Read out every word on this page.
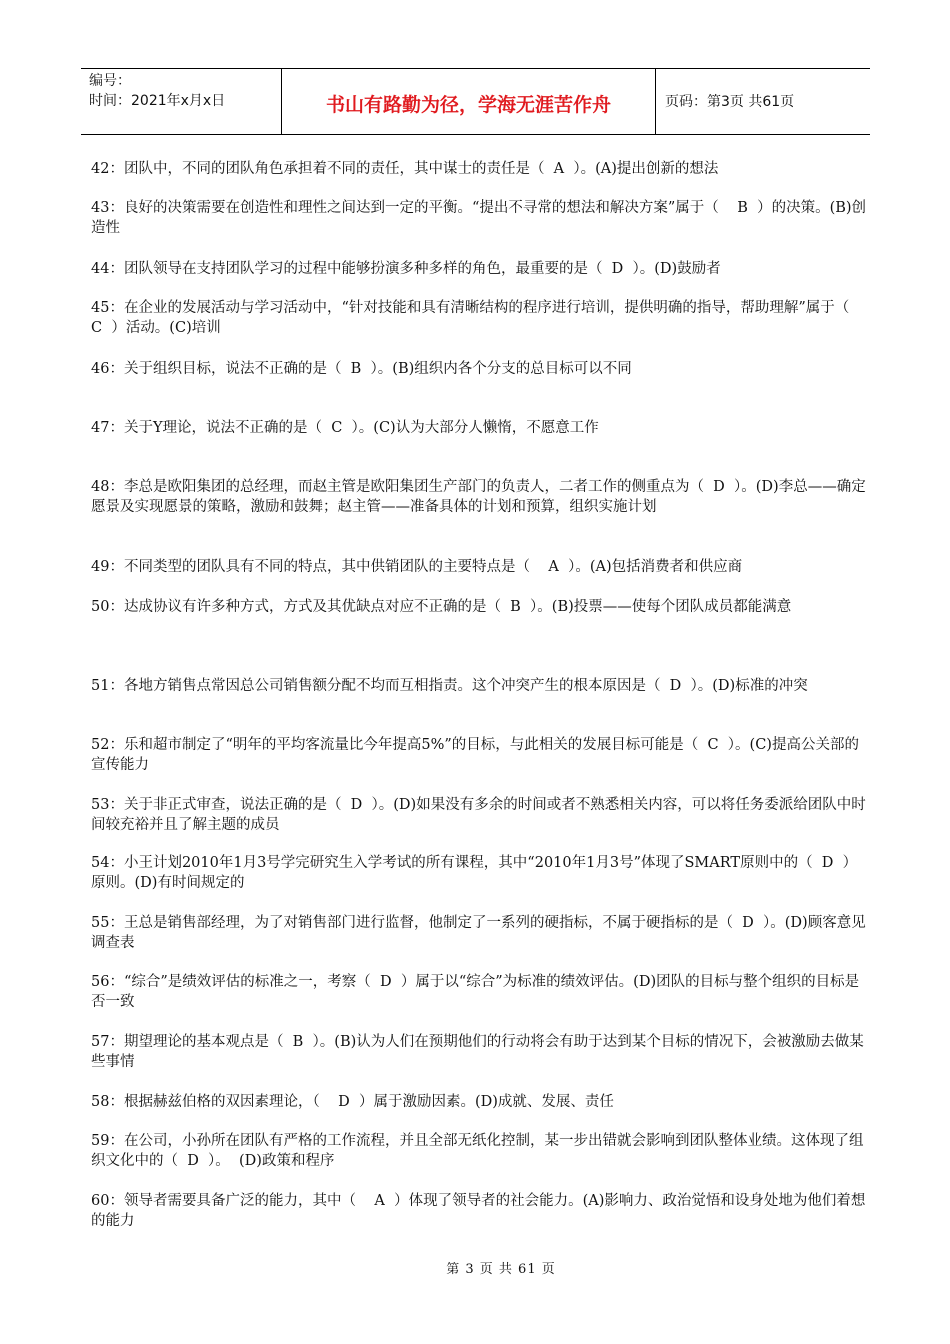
编号：
时间：2021年x月x日	书山有路勤为径，学海无涯苦作舟	页码：第3页 共61页

42：团队中，不同的团队角色承担着不同的责任，其中谋士的责任是（  A  ）。(A)提出创新的想法

43：良好的决策需要在创造性和理性之间达到一定的平衡。“提出不寻常的想法和解决方案”属于（    B  ）的决策。(B)创造性

44：团队领导在支持团队学习的过程中能够扮演多种多样的角色，最重要的是（  D  ）。(D)鼓励者

45：在企业的发展活动与学习活动中，“针对技能和具有清晰结构的程序进行培训，提供明确的指导，帮助理解”属于（  C  ）活动。(C)培训

46：关于组织目标，说法不正确的是（  B  ）。(B)组织内各个分支的总目标可以不同

47：关于Y理论，说法不正确的是（  C  ）。(C)认为大部分人懒惰，不愿意工作

48：李总是欧阳集团的总经理，而赵主管是欧阳集团生产部门的负责人，二者工作的侧重点为（  D  ）。(D)李总——确定愿景及实现愿景的策略，激励和鼓舞；赵主管——准备具体的计划和预算，组织实施计划

49：不同类型的团队具有不同的特点，其中供销团队的主要特点是（    A  ）。(A)包括消费者和供应商

50：达成协议有许多种方式，方式及其优缺点对应不正确的是（  B  ）。(B)投票——使每个团队成员都能满意

51：各地方销售点常因总公司销售额分配不均而互相指责。这个冲突产生的根本原因是（  D  ）。(D)标准的冲突

52：乐和超市制定了“明年的平均客流量比今年提高5%”的目标，与此相关的发展目标可能是（  C  ）。(C)提高公关部的宣传能力

53：关于非正式审查，说法正确的是（  D  ）。(D)如果没有多余的时间或者不熟悉相关内容，可以将任务委派给团队中时间较充裕并且了解主题的成员

54：小王计划2010年1月3号学完研究生入学考试的所有课程，其中“2010年1月3号”体现了SMART原则中的（  D  ）原则。(D)有时间规定的

55：王总是销售部经理，为了对销售部门进行监督，他制定了一系列的硬指标，不属于硬指标的是（  D  ）。(D)顾客意见调查表

56：“综合”是绩效评估的标准之一，考察（  D  ）属于以“综合”为标准的绩效评估。(D)团队的目标与整个组织的目标是否一致

57：期望理论的基本观点是（  B  ）。(B)认为人们在预期他们的行动将会有助于达到某个目标的情况下，会被激励去做某些事情

58：根据赫兹伯格的双因素理论，（    D  ）属于激励因素。(D)成就、发展、责任

59：在公司，小孙所在团队有严格的工作流程，并且全部无纸化控制，某一步出错就会影响到团队整体业绩。这体现了组织文化中的（  D  ）。  (D)政策和程序

60：领导者需要具备广泛的能力，其中（    A  ）体现了领导者的社会能力。(A)影响力、政治觉悟和设身处地为他们着想的能力

第 3 页 共 61 页
